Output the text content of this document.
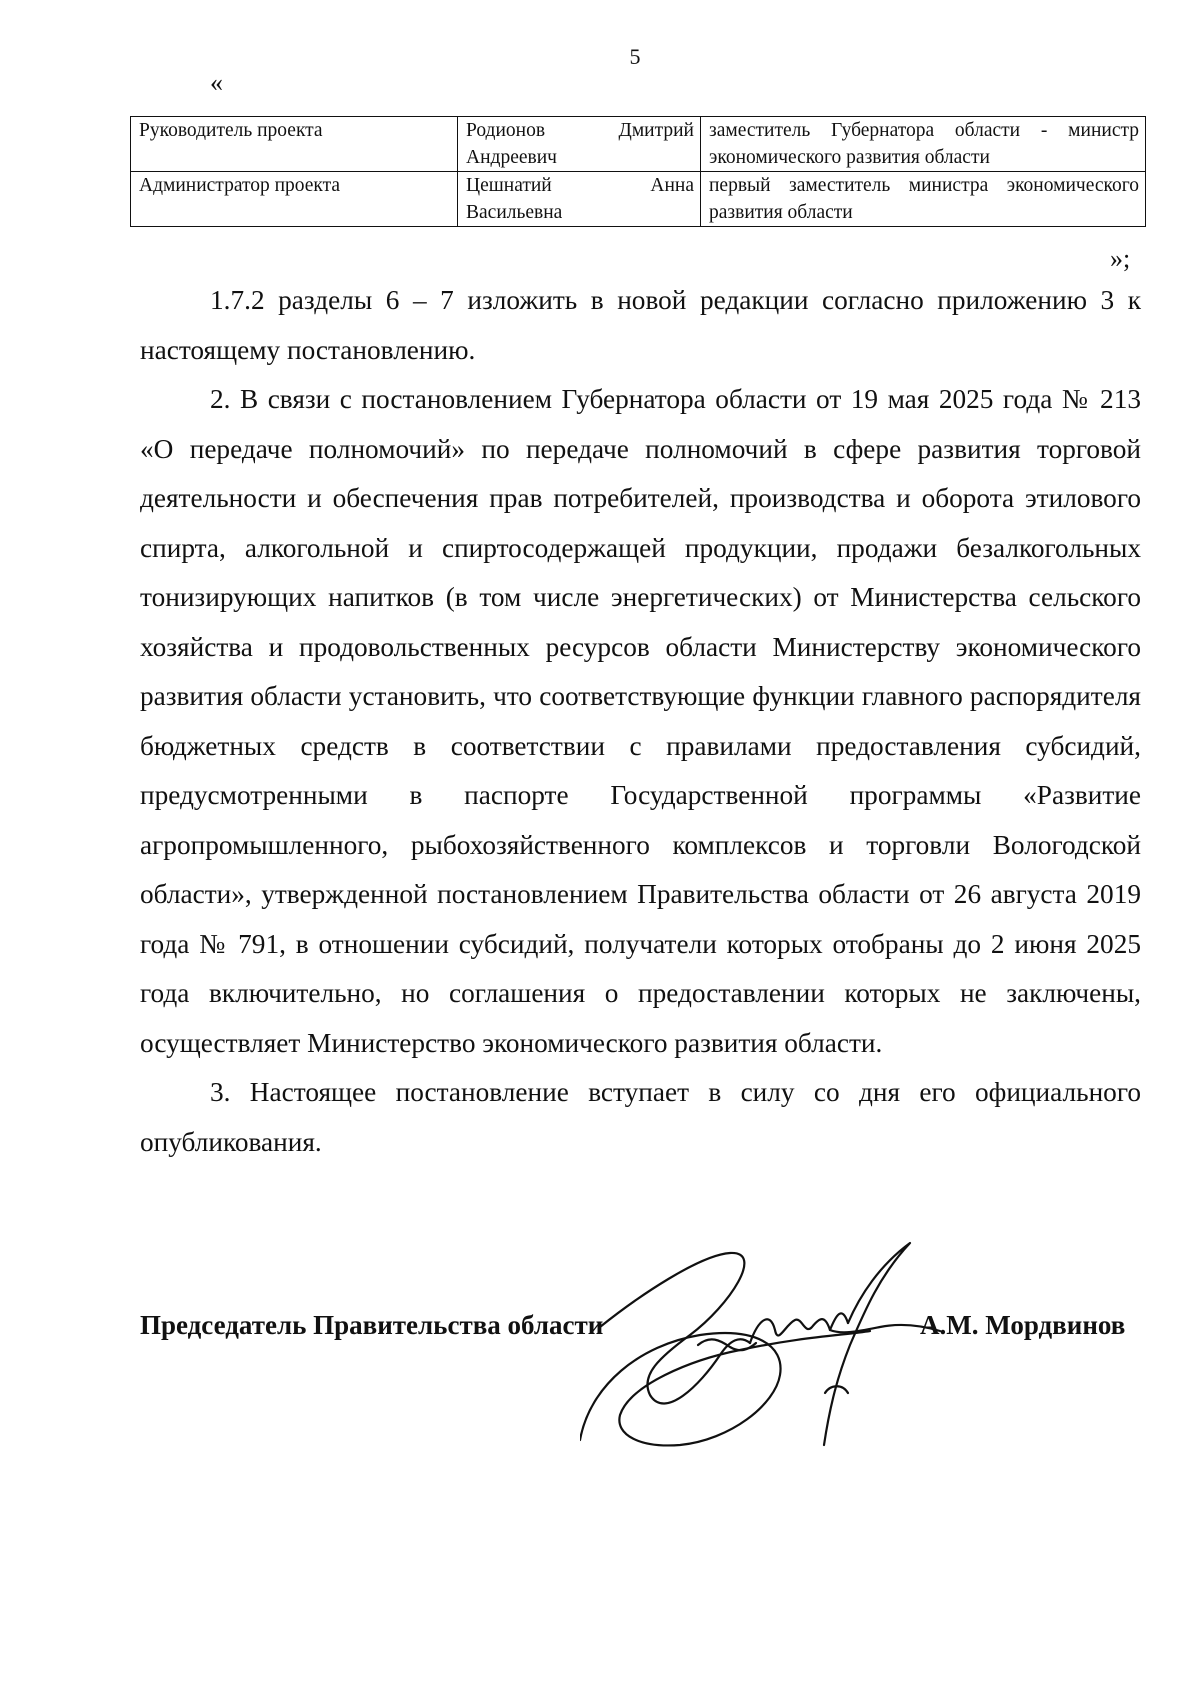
5
«
Руководитель проекта	Родионов Дмитрий Андреевич	заместитель Губернатора области - министр экономического развития области
Администратор проекта	Цешнатий Анна Васильевна	первый заместитель министра экономического развития области
»;

1.7.2 разделы 6 – 7 изложить в новой редакции согласно приложению 3 к настоящему постановлению.

2. В связи с постановлением Губернатора области от 19 мая 2025 года № 213 «О передаче полномочий» по передаче полномочий в сфере развития торговой деятельности и обеспечения прав потребителей, производства и оборота этилового спирта, алкогольной и спиртосодержащей продукции, продажи безалкогольных тонизирующих напитков (в том числе энергетических) от Министерства сельского хозяйства и продовольственных ресурсов области Министерству экономического развития области установить, что соответствующие функции главного распорядителя бюджетных средств в соответствии с правилами предоставления субсидий, предусмотренными в паспорте Государственной программы «Развитие агропромышленного, рыбохозяйственного комплексов и торговли Вологодской области», утвержденной постановлением Правительства области от 26 августа 2019 года № 791, в отношении субсидий, получатели которых отобраны до 2 июня 2025 года включительно, но соглашения о предоставлении которых не заключены, осуществляет Министерство экономического развития области.

3. Настоящее постановление вступает в силу со дня его официального опубликования.

Председатель Правительства области	А.М. Мордвинов
